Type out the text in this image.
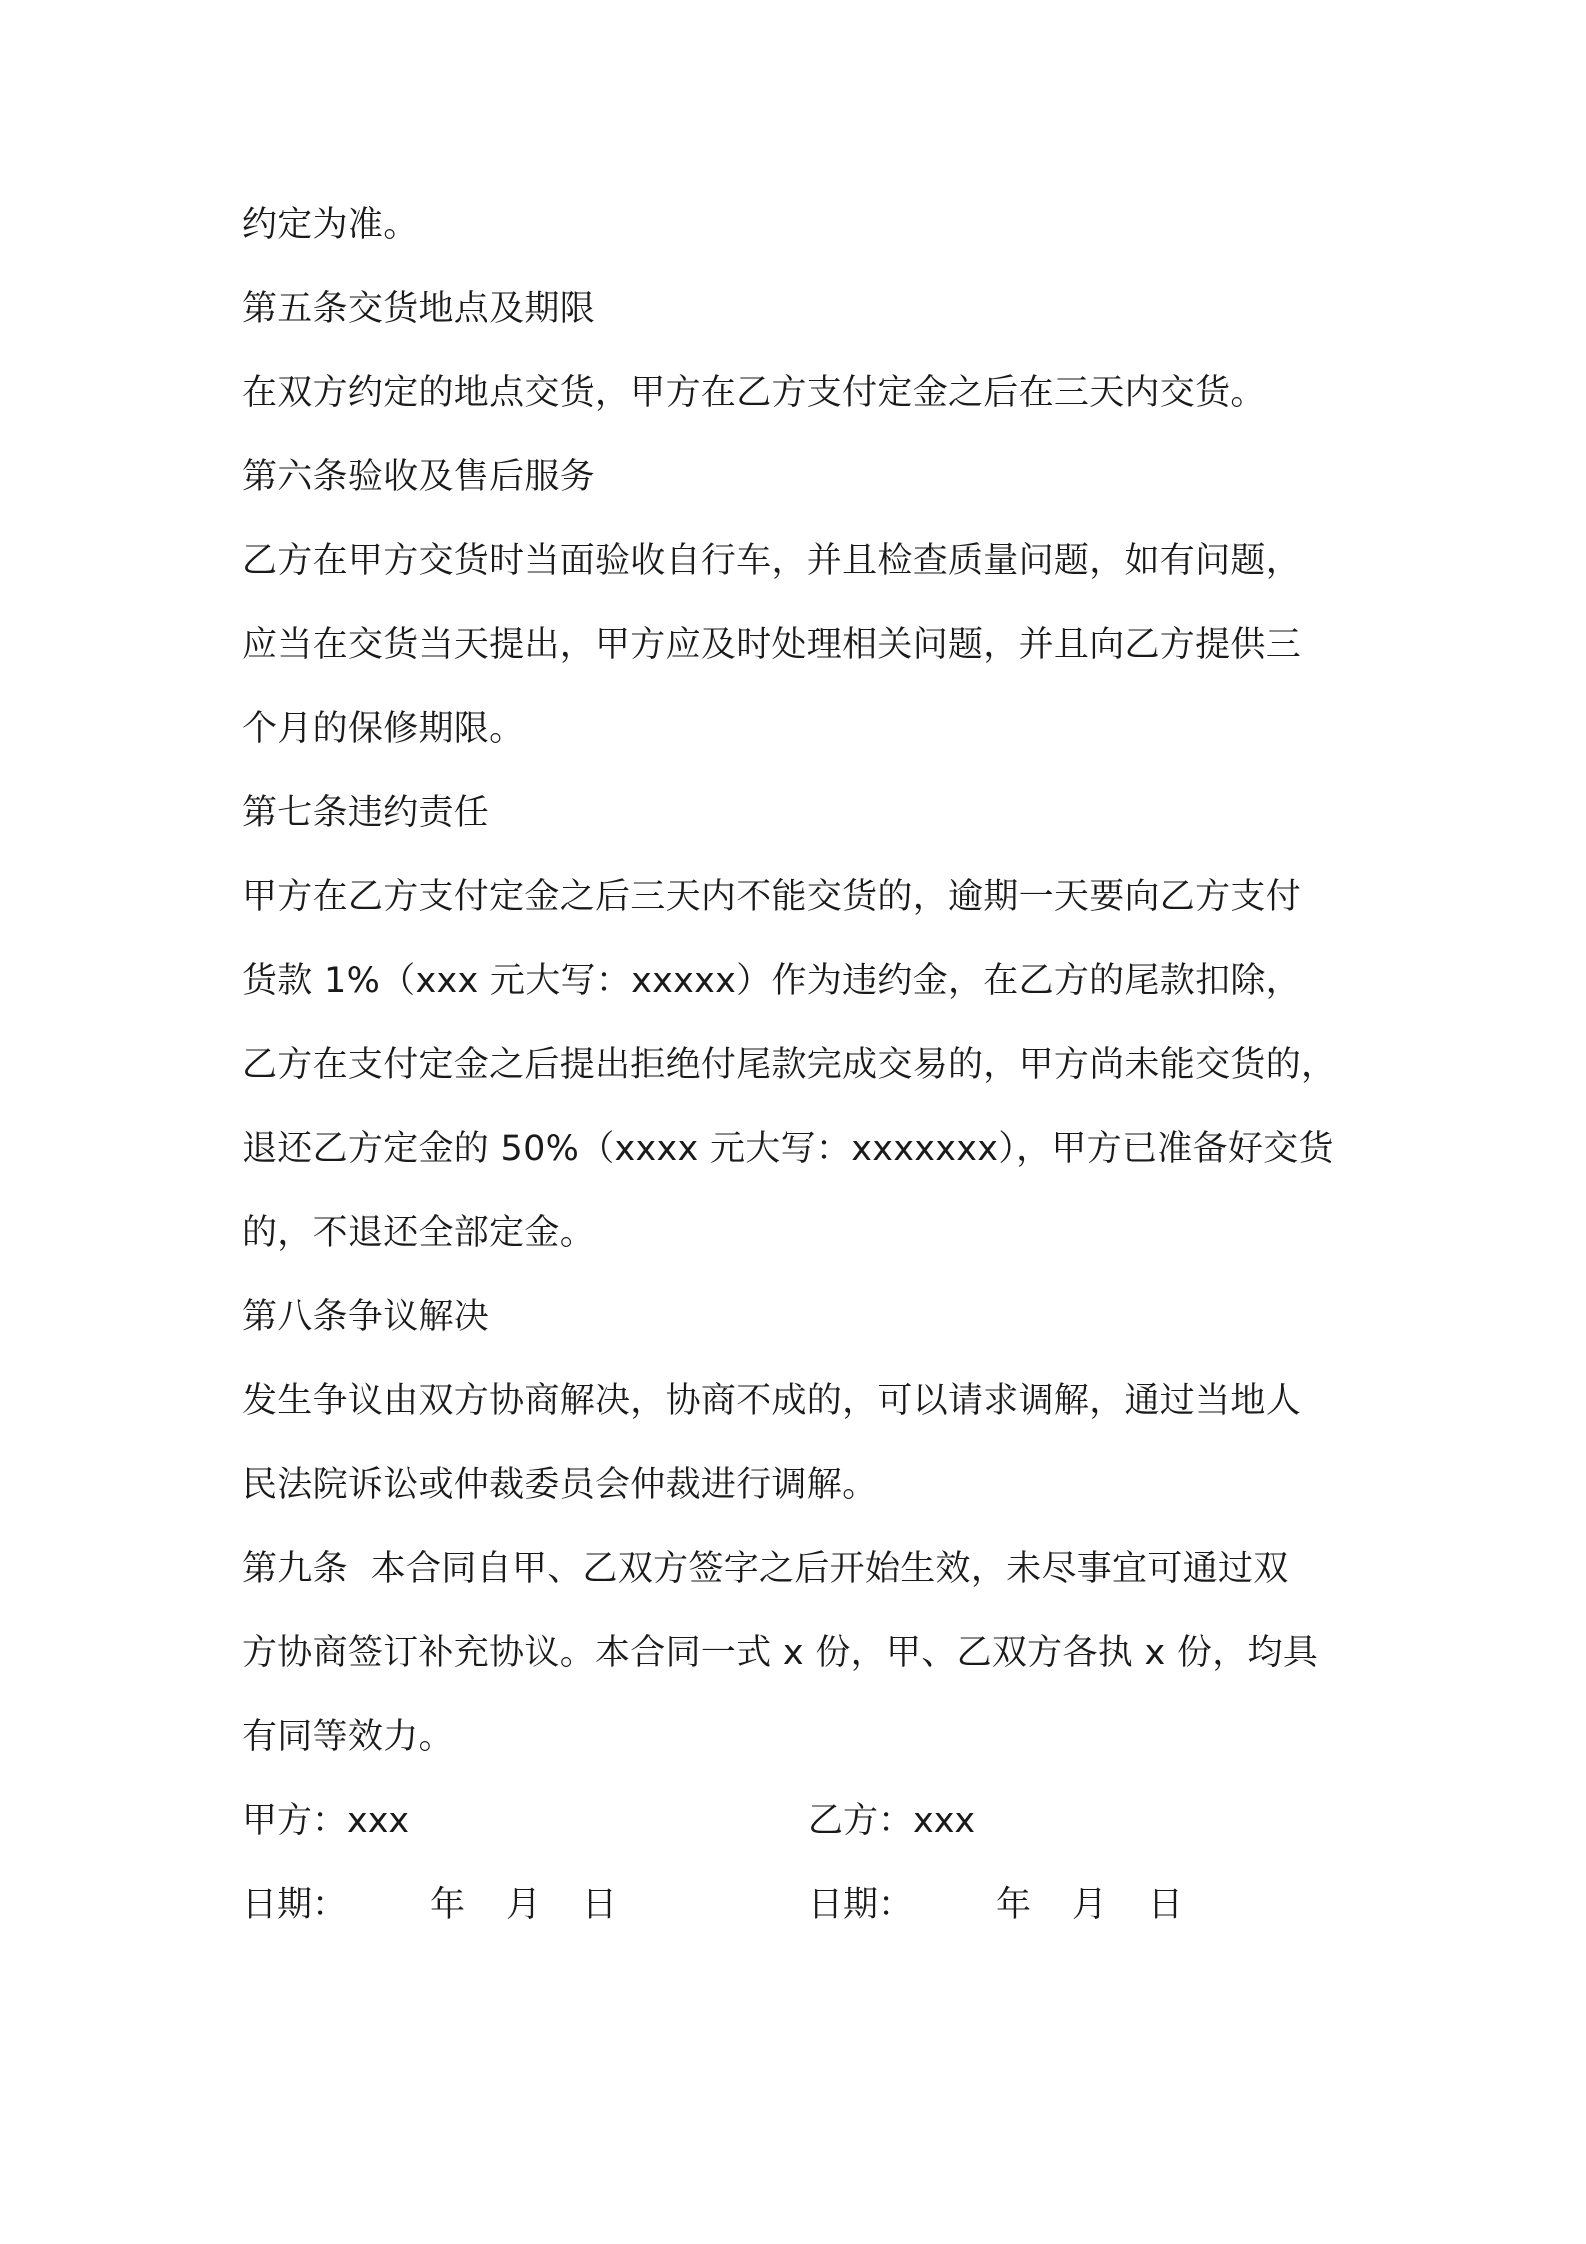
约定为准。
第五条交货地点及期限
在双方约定的地点交货，甲方在乙方支付定金之后在三天内交货。
第六条验收及售后服务
乙方在甲方交货时当面验收自行车，并且检查质量问题，如有问题，
应当在交货当天提出，甲方应及时处理相关问题，并且向乙方提供三
个月的保修期限。
第七条违约责任
甲方在乙方支付定金之后三天内不能交货的，逾期一天要向乙方支付
货款 1%（xxx 元大写：xxxxx）作为违约金，在乙方的尾款扣除，
乙方在支付定金之后提出拒绝付尾款完成交易的，甲方尚未能交货的，
退还乙方定金的 50%（xxxx 元大写：xxxxxxx），甲方已准备好交货
的，不退还全部定金。
第八条争议解决
发生争议由双方协商解决，协商不成的，可以请求调解，通过当地人
民法院诉讼或仲裁委员会仲裁进行调解。
第九条  本合同自甲、乙双方签字之后开始生效，未尽事宜可通过双
方协商签订补充协议。本合同一式 x 份，甲、乙双方各执 x 份，均具
有同等效力。
甲方：xxx	乙方：xxx
日期： 年 月 日	日期： 年 月 日
